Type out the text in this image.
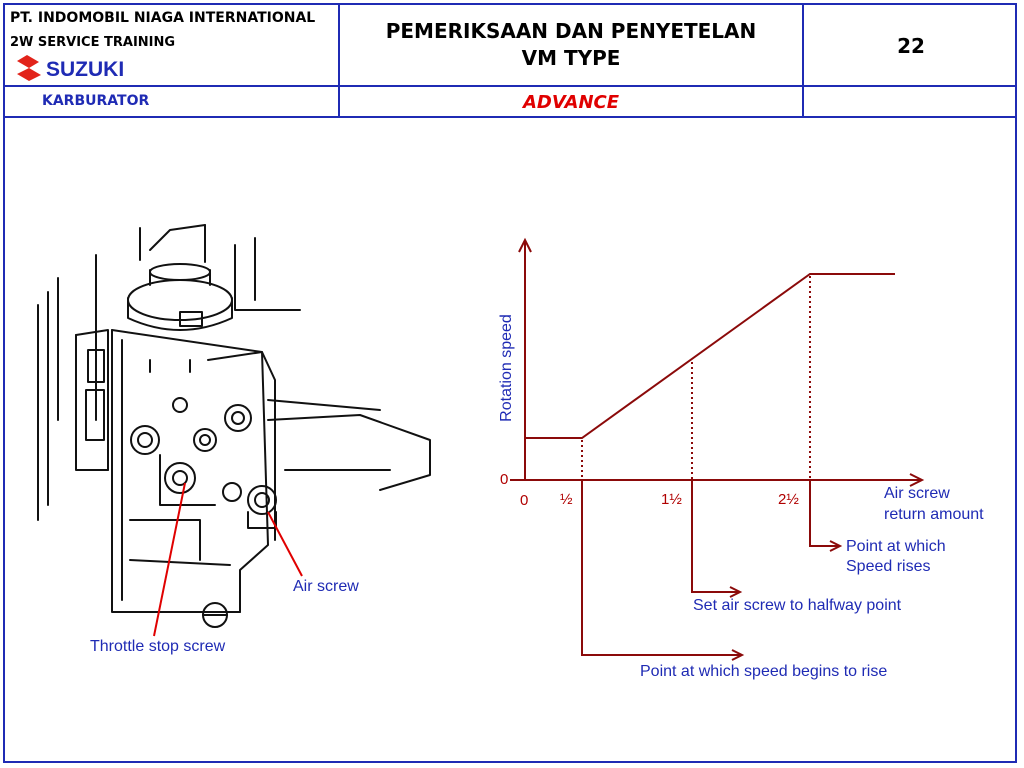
PT. INDOMOBIL NIAGA INTERNATIONAL
2W SERVICE TRAINING
SUZUKI
PEMERIKSAAN DAN PENYETELAN
VM TYPE	22
KARBURATOR	ADVANCE
Air screw
Throttle stop screw
Rotation speed
0
0 ½	1½	2½	Air screw
return amount
Point at which
Speed rises
Set air screw to halfway point
Point at which speed begins to rise
